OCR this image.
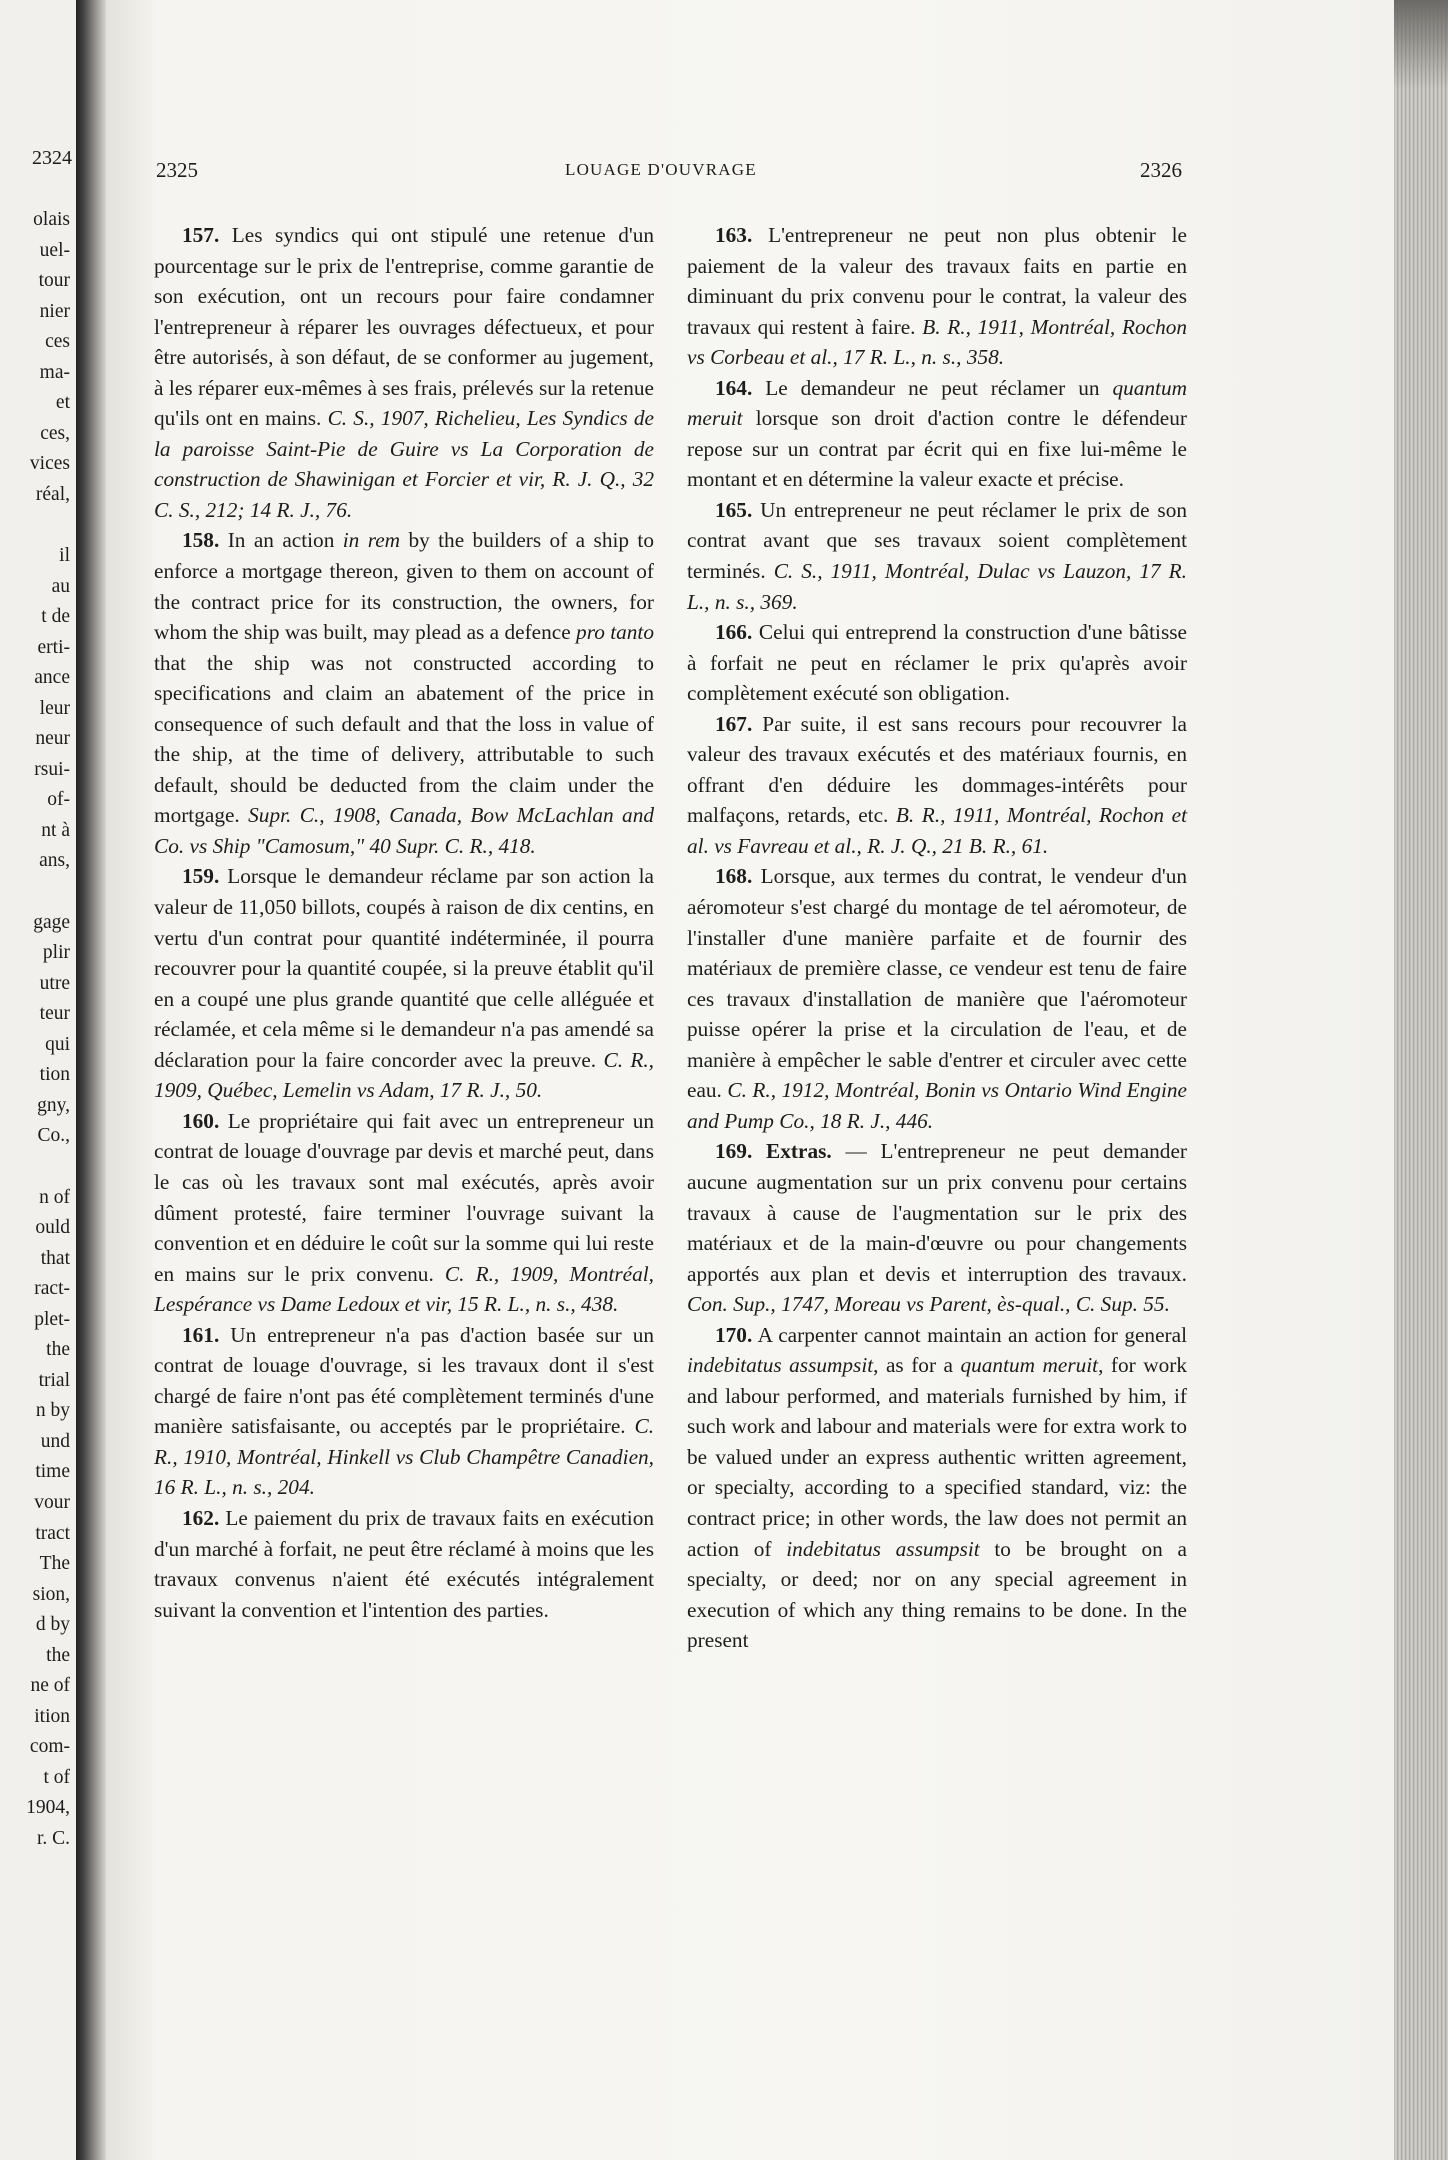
2324
olais
uel-
tour
nier
ces
ma-
et
ces,
vices
réal,

il
au
t de
erti-
ance
leur
neur
rsui-
of-
nt à
ans,

gage
plir
utre
teur
qui
tion
gny,
Co.,

n of
ould
that
ract-
plet-
the
trial
n by
und
time
vour
tract
The
sion,
d by
the
ne of
ition
com-
t of
1904,
r. C.
2325	LOUAGE D'OUVRAGE	2326

157. Les syndics qui ont stipulé une retenue d'un pourcentage sur le prix de l'entreprise, comme garantie de son exécution, ont un recours pour faire condamner l'entrepreneur à réparer les ouvrages défectueux, et pour être autorisés, à son défaut, de se conformer au jugement, à les réparer eux-mêmes à ses frais, prélevés sur la retenue qu'ils ont en mains. C. S., 1907, Richelieu, Les Syndics de la paroisse Saint-Pie de Guire vs La Corporation de construction de Shawinigan et Forcier et vir, R. J. Q., 32 C. S., 212; 14 R. J., 76.

158. In an action in rem by the builders of a ship to enforce a mortgage thereon, given to them on account of the contract price for its construction, the owners, for whom the ship was built, may plead as a defence pro tanto that the ship was not constructed according to specifications and claim an abatement of the price in consequence of such default and that the loss in value of the ship, at the time of delivery, attributable to such default, should be deducted from the claim under the mortgage. Supr. C., 1908, Canada, Bow McLachlan and Co. vs Ship "Camosum," 40 Supr. C. R., 418.

159. Lorsque le demandeur réclame par son action la valeur de 11,050 billots, coupés à raison de dix centins, en vertu d'un contrat pour quantité indéterminée, il pourra recouvrer pour la quantité coupée, si la preuve établit qu'il en a coupé une plus grande quantité que celle alléguée et réclamée, et cela même si le demandeur n'a pas amendé sa déclaration pour la faire concorder avec la preuve. C. R., 1909, Québec, Lemelin vs Adam, 17 R. J., 50.

160. Le propriétaire qui fait avec un entrepreneur un contrat de louage d'ouvrage par devis et marché peut, dans le cas où les travaux sont mal exécutés, après avoir dûment protesté, faire terminer l'ouvrage suivant la convention et en déduire le coût sur la somme qui lui reste en mains sur le prix convenu. C. R., 1909, Montréal, Lespérance vs Dame Ledoux et vir, 15 R. L., n. s., 438.

161. Un entrepreneur n'a pas d'action basée sur un contrat de louage d'ouvrage, si les travaux dont il s'est chargé de faire n'ont pas été complètement terminés d'une manière satisfaisante, ou acceptés par le propriétaire. C. R., 1910, Montréal, Hinkell vs Club Champêtre Canadien, 16 R. L., n. s., 204.

162. Le paiement du prix de travaux faits en exécution d'un marché à forfait, ne peut être réclamé à moins que les travaux convenus n'aient été exécutés intégralement suivant la convention et l'intention des parties.

163. L'entrepreneur ne peut non plus obtenir le paiement de la valeur des travaux faits en partie en diminuant du prix convenu pour le contrat, la valeur des travaux qui restent à faire. B. R., 1911, Montréal, Rochon vs Corbeau et al., 17 R. L., n. s., 358.

164. Le demandeur ne peut réclamer un quantum meruit lorsque son droit d'action contre le défendeur repose sur un contrat par écrit qui en fixe lui-même le montant et en détermine la valeur exacte et précise.

165. Un entrepreneur ne peut réclamer le prix de son contrat avant que ses travaux soient complètement terminés. C. S., 1911, Montréal, Dulac vs Lauzon, 17 R. L., n. s., 369.

166. Celui qui entreprend la construction d'une bâtisse à forfait ne peut en réclamer le prix qu'après avoir complètement exécuté son obligation.

167. Par suite, il est sans recours pour recouvrer la valeur des travaux exécutés et des matériaux fournis, en offrant d'en déduire les dommages-intérêts pour malfaçons, retards, etc. B. R., 1911, Montréal, Rochon et al. vs Favreau et al., R. J. Q., 21 B. R., 61.

168. Lorsque, aux termes du contrat, le vendeur d'un aéromoteur s'est chargé du montage de tel aéromoteur, de l'installer d'une manière parfaite et de fournir des matériaux de première classe, ce vendeur est tenu de faire ces travaux d'installation de manière que l'aéromoteur puisse opérer la prise et la circulation de l'eau, et de manière à empêcher le sable d'entrer et circuler avec cette eau. C. R., 1912, Montréal, Bonin vs Ontario Wind Engine and Pump Co., 18 R. J., 446.

169. Extras. — L'entrepreneur ne peut demander aucune augmentation sur un prix convenu pour certains travaux à cause de l'augmentation sur le prix des matériaux et de la main-d'œuvre ou pour changements apportés aux plan et devis et interruption des travaux. Con. Sup., 1747, Moreau vs Parent, ès-qual., C. Sup. 55.

170. A carpenter cannot maintain an action for general indebitatus assumpsit, as for a quantum meruit, for work and labour performed, and materials furnished by him, if such work and labour and materials were for extra work to be valued under an express authentic written agreement, or specialty, according to a specified standard, viz: the contract price; in other words, the law does not permit an action of indebitatus assumpsit to be brought on a specialty, or deed; nor on any special agreement in execution of which any thing remains to be done. In the present
